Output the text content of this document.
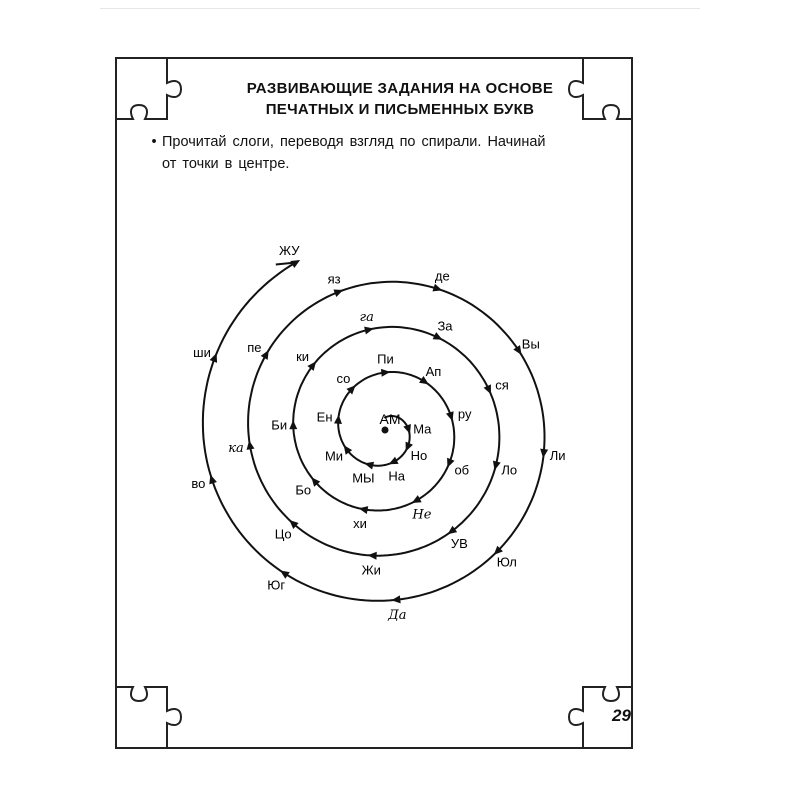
РАЗВИВАЮЩИЕ ЗАДАНИЯ НА ОСНОВЕ
ПЕЧАТНЫХ И ПИСЬМЕННЫХ БУКВ
• Прочитай слоги, переводя взгляд по спирали. Начинай
от точки в центре.
АМ
Ма
Но
На
МЫ
Ми
Ен
со
Пи
Ап
ру
об
Не
хи
Бо
Би
ки
га
За
ся
Ло
УВ
Жи
Цо
ка
пе
яз	де
Вы
Ли
Юл
Да
Юг
во
ши
ЖУ
29
